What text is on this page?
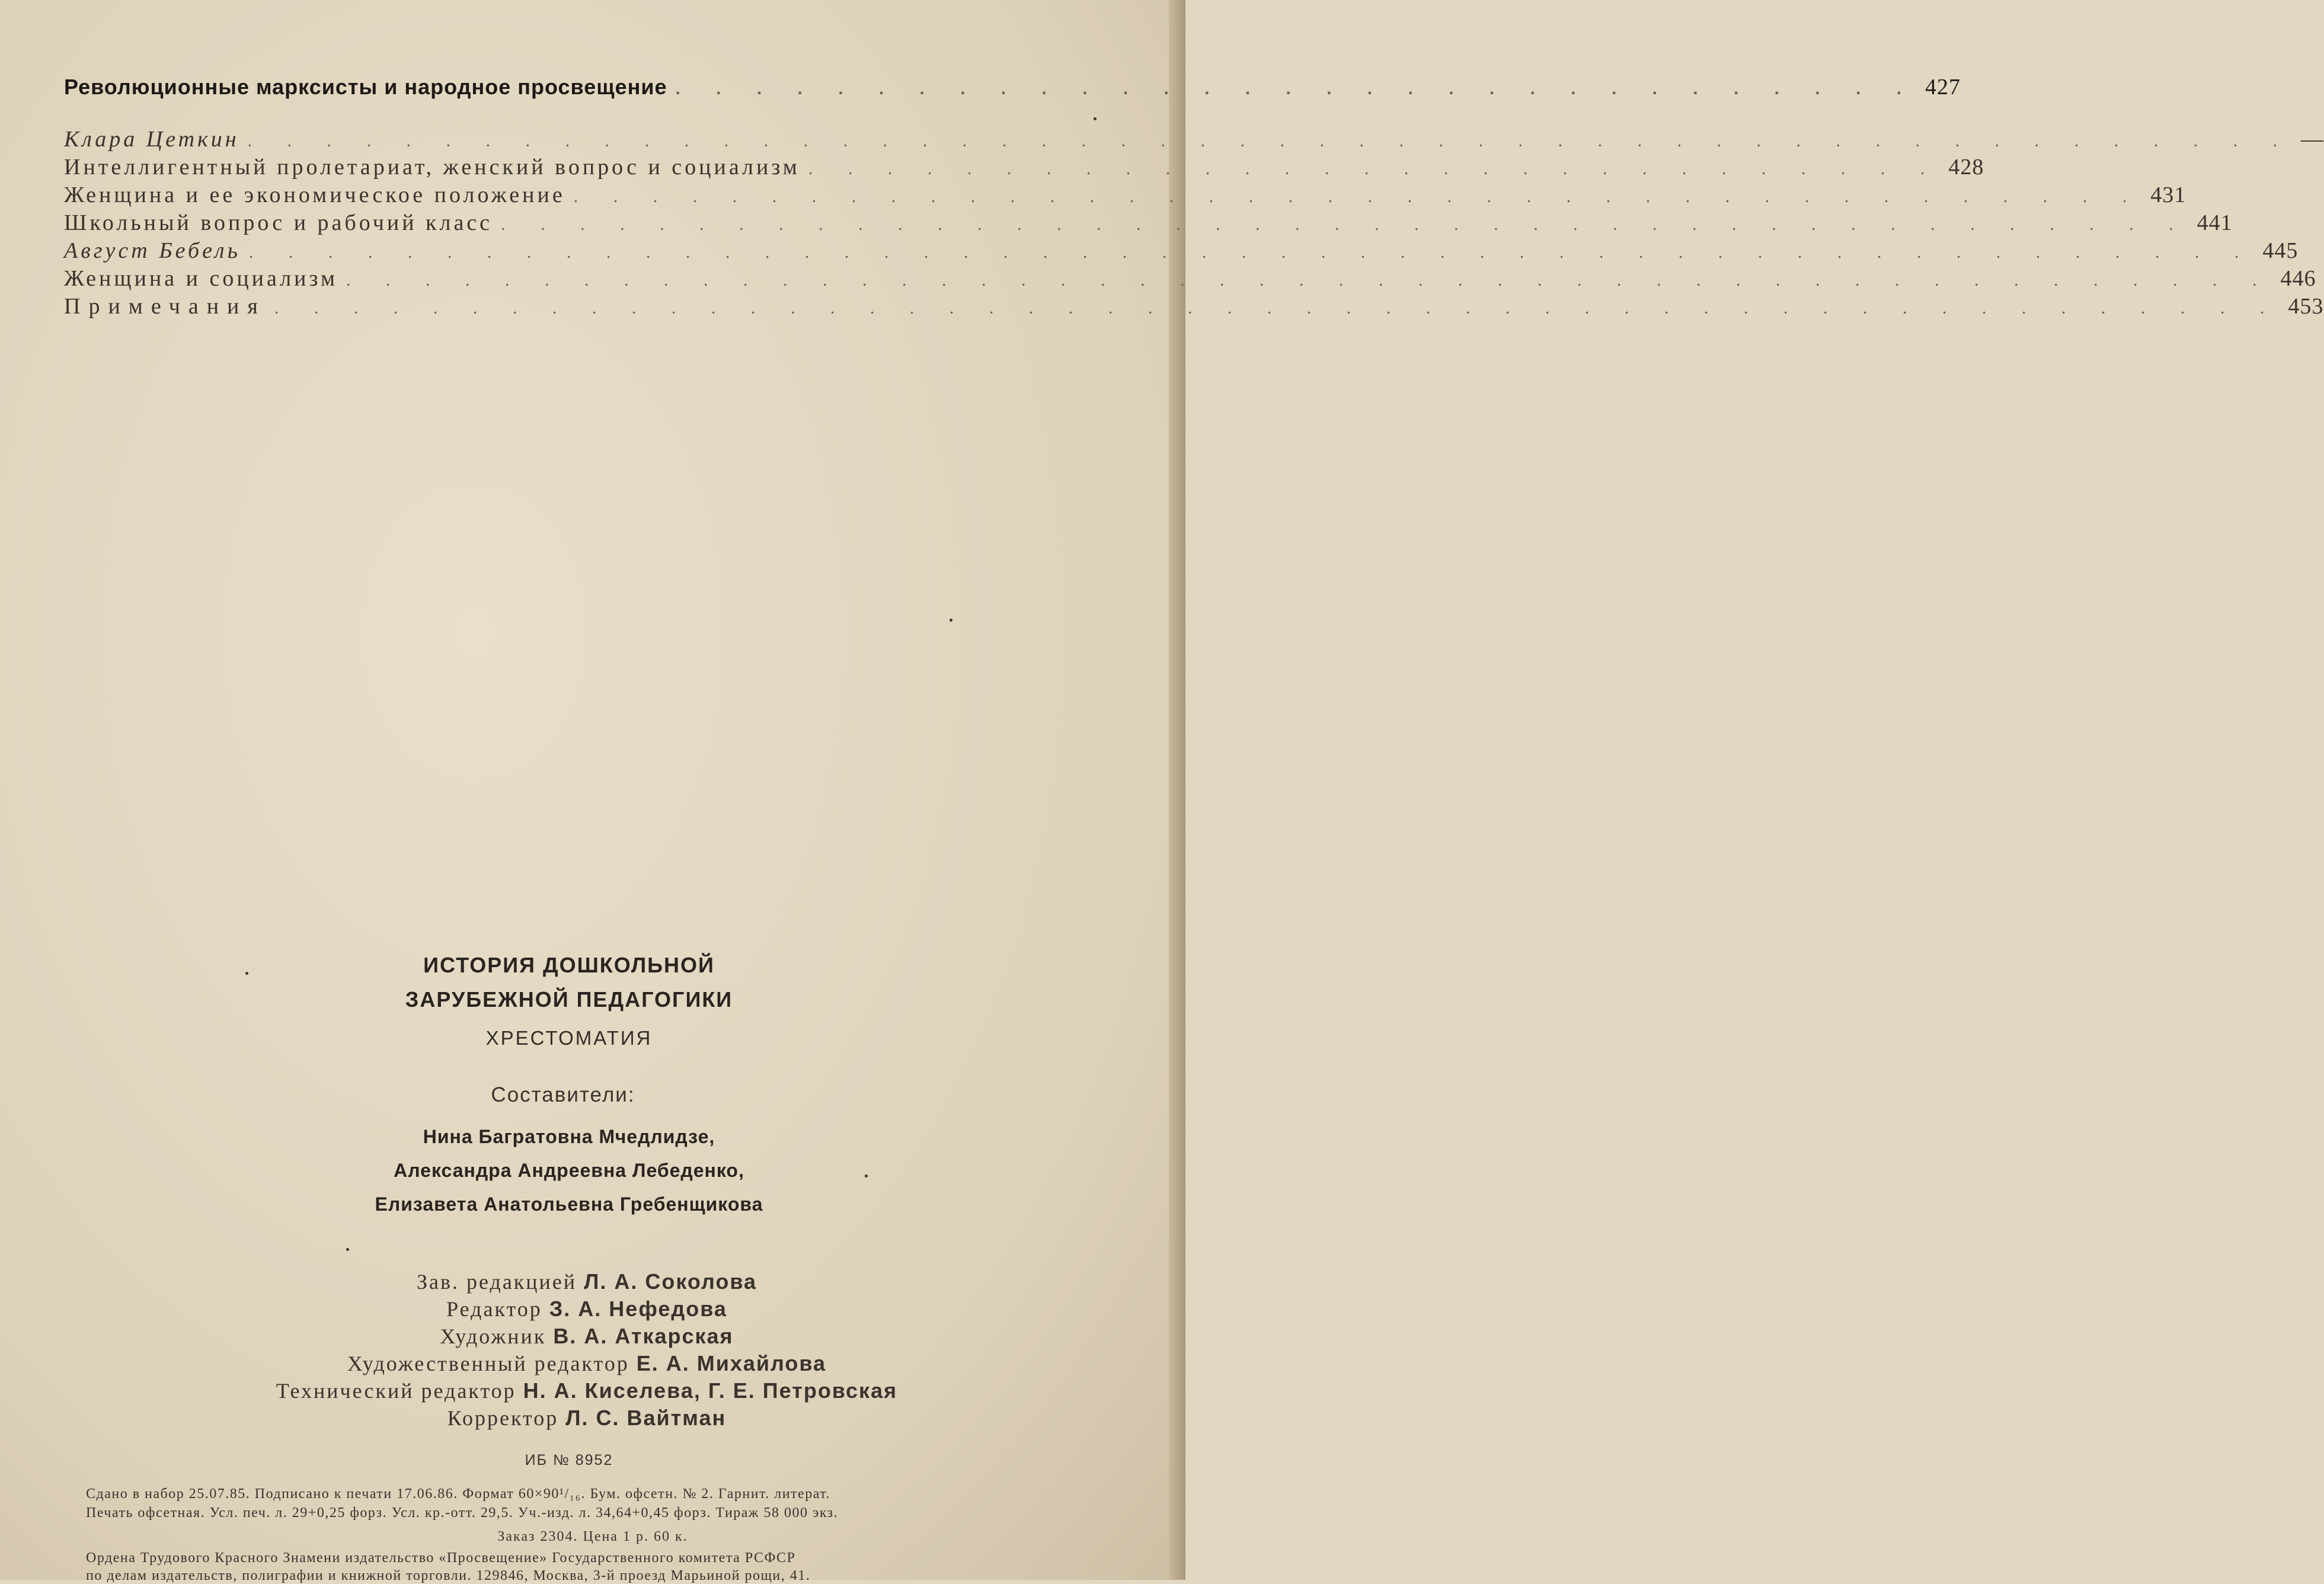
Революционные марксисты и народное просвещение . . . . . . . . . . . . . . . . . . . . . . . . . . . . . . . 427
Клара Цеткин . . . . . . . . . . . . . . . . . . . . . . . . . . . . . . . . . . . . . . . . . . . . . . . . . . . . —
Интеллигентный пролетариат, женский вопрос и социализм . . . . . . . . . . . . . . . . . . . . . . . . . . . . . 428
Женщина и ее экономическое положение . . . . . . . . . . . . . . . . . . . . . . . . . . . . . . . . . . . . . . . . 431
Школьный вопрос и рабочий класс . . . . . . . . . . . . . . . . . . . . . . . . . . . . . . . . . . . . . . . . . . . 441
Август Бебель . . . . . . . . . . . . . . . . . . . . . . . . . . . . . . . . . . . . . . . . . . . . . . . . . . . 445
Женщина и социализм . . . . . . . . . . . . . . . . . . . . . . . . . . . . . . . . . . . . . . . . . . . . . . . . . 446
Примечания . . . . . . . . . . . . . . . . . . . . . . . . . . . . . . . . . . . . . . . . . . . . . . . . . . . 453
ИСТОРИЯ ДОШКОЛЬНОЙ
ЗАРУБЕЖНОЙ ПЕДАГОГИКИ
ХРЕСТОМАТИЯ
Составители:
Нина Багратовна Мчедлидзе,
Александра Андреевна Лебеденко,
Елизавета Анатольевна Гребенщикова
Зав. редакцией Л. А. Соколова
Редактор З. А. Нефедова
Художник В. А. Аткарская
Художественный редактор Е. А. Михайлова
Технический редактор Н. А. Киселева, Г. Е. Петровская
Корректор Л. С. Вайтман
ИБ № 8952
Сдано в набор 25.07.85. Подписано к печати 17.06.86. Формат 60×90¹/₁₆. Бум. офсетн. № 2. Гарнит. литерат.
Печать офсетная. Усл. печ. л. 29+0,25 форз. Усл. кр.-отт. 29,5. Уч.-изд. л. 34,64+0,45 форз. Тираж 58 000 экз.
Заказ 2304. Цена 1 р. 60 к.
Ордена Трудового Красного Знамени издательство «Просвещение» Государственного комитета РСФСР
по делам издательств, полиграфии и книжной торговли. 129846, Москва, 3-й проезд Марьиной рощи, 41.
